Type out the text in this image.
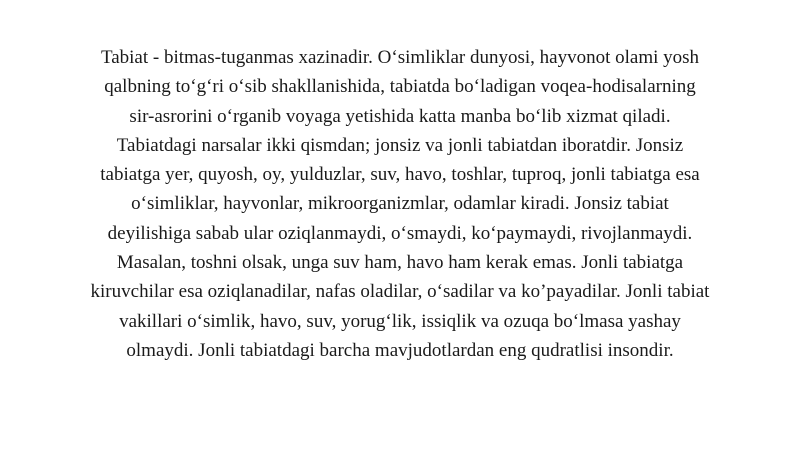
Tabiat - bitmas-tuganmas xazinadir. O‘simliklar dunyosi, hayvonot olami yosh
qalbning to‘g‘ri o‘sib shakllanishida, tabiatda bo‘ladigan voqea-hodisalarning
sir-asrorini o‘rganib voyaga yetishida katta manba bo‘lib xizmat qiladi.
Tabiatdagi narsalar ikki qismdan; jonsiz va jonli tabiatdan iboratdir. Jonsiz
tabiatga yer, quyosh, oy, yulduzlar, suv, havo, toshlar, tuproq, jonli tabiatga esa
o‘simliklar, hayvonlar, mikroorganizmlar, odamlar kiradi. Jonsiz tabiat
deyilishiga sabab ular oziqlanmaydi, o‘smaydi, ko‘paymaydi, rivojlanmaydi.
Masalan, toshni olsak, unga suv ham, havo ham kerak emas. Jonli tabiatga
kiruvchilar esa oziqlanadilar, nafas oladilar, o‘sadilar va ko’payadilar. Jonli tabiat
vakillari o‘simlik, havo, suv, yorug‘lik, issiqlik va ozuqa bo‘lmasa yashay
olmaydi. Jonli tabiatdagi barcha mavjudotlardan eng qudratlisi insondir.
